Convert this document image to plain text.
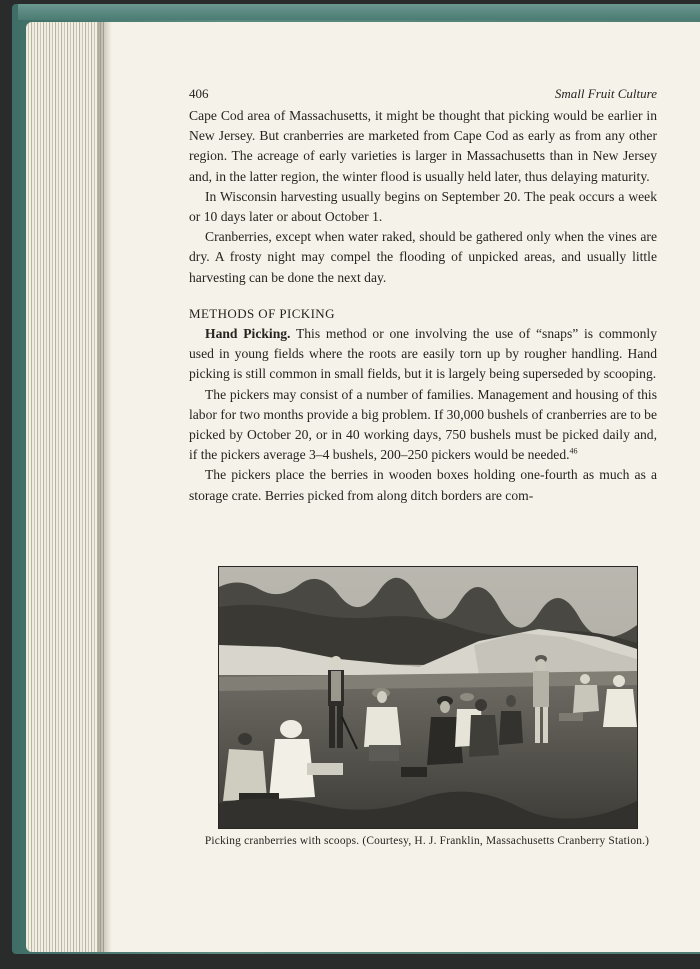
406	Small Fruit Culture

Cape Cod area of Massachusetts, it might be thought that picking would be earlier in New Jersey. But cranberries are marketed from Cape Cod as early as from any other region. The acreage of early varieties is larger in Massachusetts than in New Jersey and, in the latter region, the winter flood is usually held later, thus delaying maturity.

In Wisconsin harvesting usually begins on September 20. The peak occurs a week or 10 days later or about October 1.

Cranberries, except when water raked, should be gathered only when the vines are dry. A frosty night may compel the flooding of unpicked areas, and usually little harvesting can be done the next day.

METHODS OF PICKING

Hand Picking. This method or one involving the use of “snaps” is commonly used in young fields where the roots are easily torn up by rougher handling. Hand picking is still common in small fields, but it is largely being superseded by scooping.

The pickers may consist of a number of families. Management and housing of this labor for two months provide a big problem. If 30,000 bushels of cranberries are to be picked by October 20, or in 40 working days, 750 bushels must be picked daily and, if the pickers average 3–4 bushels, 200–250 pickers would be needed.$^{46}$

The pickers place the berries in wooden boxes holding one-fourth as much as a storage crate. Berries picked from along ditch borders are com-

Picking cranberries with scoops. (Courtesy, H. J. Franklin, Massachusetts Cranberry Station.)
